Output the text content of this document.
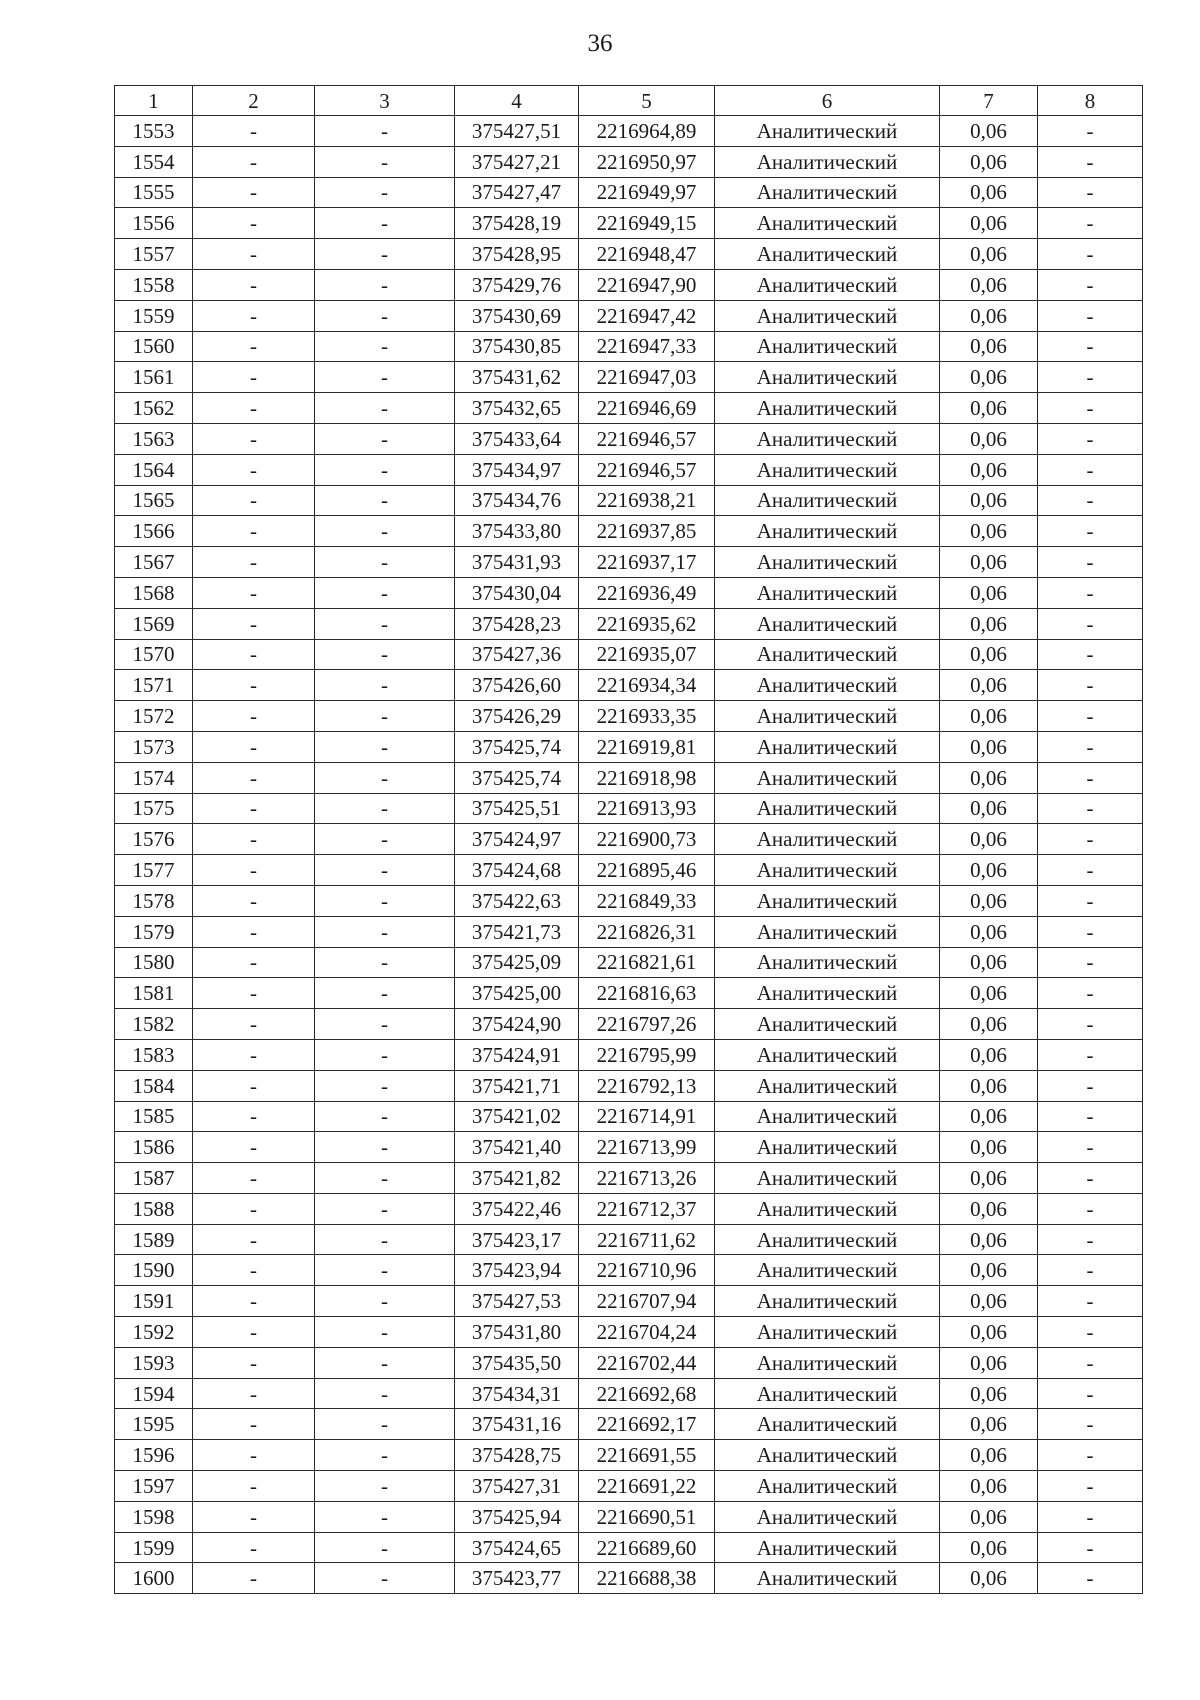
36
1	2	3	4	5	6	7	8
1553	-	-	375427,51	2216964,89	Аналитический	0,06	-
1554	-	-	375427,21	2216950,97	Аналитический	0,06	-
1555	-	-	375427,47	2216949,97	Аналитический	0,06	-
1556	-	-	375428,19	2216949,15	Аналитический	0,06	-
1557	-	-	375428,95	2216948,47	Аналитический	0,06	-
1558	-	-	375429,76	2216947,90	Аналитический	0,06	-
1559	-	-	375430,69	2216947,42	Аналитический	0,06	-
1560	-	-	375430,85	2216947,33	Аналитический	0,06	-
1561	-	-	375431,62	2216947,03	Аналитический	0,06	-
1562	-	-	375432,65	2216946,69	Аналитический	0,06	-
1563	-	-	375433,64	2216946,57	Аналитический	0,06	-
1564	-	-	375434,97	2216946,57	Аналитический	0,06	-
1565	-	-	375434,76	2216938,21	Аналитический	0,06	-
1566	-	-	375433,80	2216937,85	Аналитический	0,06	-
1567	-	-	375431,93	2216937,17	Аналитический	0,06	-
1568	-	-	375430,04	2216936,49	Аналитический	0,06	-
1569	-	-	375428,23	2216935,62	Аналитический	0,06	-
1570	-	-	375427,36	2216935,07	Аналитический	0,06	-
1571	-	-	375426,60	2216934,34	Аналитический	0,06	-
1572	-	-	375426,29	2216933,35	Аналитический	0,06	-
1573	-	-	375425,74	2216919,81	Аналитический	0,06	-
1574	-	-	375425,74	2216918,98	Аналитический	0,06	-
1575	-	-	375425,51	2216913,93	Аналитический	0,06	-
1576	-	-	375424,97	2216900,73	Аналитический	0,06	-
1577	-	-	375424,68	2216895,46	Аналитический	0,06	-
1578	-	-	375422,63	2216849,33	Аналитический	0,06	-
1579	-	-	375421,73	2216826,31	Аналитический	0,06	-
1580	-	-	375425,09	2216821,61	Аналитический	0,06	-
1581	-	-	375425,00	2216816,63	Аналитический	0,06	-
1582	-	-	375424,90	2216797,26	Аналитический	0,06	-
1583	-	-	375424,91	2216795,99	Аналитический	0,06	-
1584	-	-	375421,71	2216792,13	Аналитический	0,06	-
1585	-	-	375421,02	2216714,91	Аналитический	0,06	-
1586	-	-	375421,40	2216713,99	Аналитический	0,06	-
1587	-	-	375421,82	2216713,26	Аналитический	0,06	-
1588	-	-	375422,46	2216712,37	Аналитический	0,06	-
1589	-	-	375423,17	2216711,62	Аналитический	0,06	-
1590	-	-	375423,94	2216710,96	Аналитический	0,06	-
1591	-	-	375427,53	2216707,94	Аналитический	0,06	-
1592	-	-	375431,80	2216704,24	Аналитический	0,06	-
1593	-	-	375435,50	2216702,44	Аналитический	0,06	-
1594	-	-	375434,31	2216692,68	Аналитический	0,06	-
1595	-	-	375431,16	2216692,17	Аналитический	0,06	-
1596	-	-	375428,75	2216691,55	Аналитический	0,06	-
1597	-	-	375427,31	2216691,22	Аналитический	0,06	-
1598	-	-	375425,94	2216690,51	Аналитический	0,06	-
1599	-	-	375424,65	2216689,60	Аналитический	0,06	-
1600	-	-	375423,77	2216688,38	Аналитический	0,06	-
